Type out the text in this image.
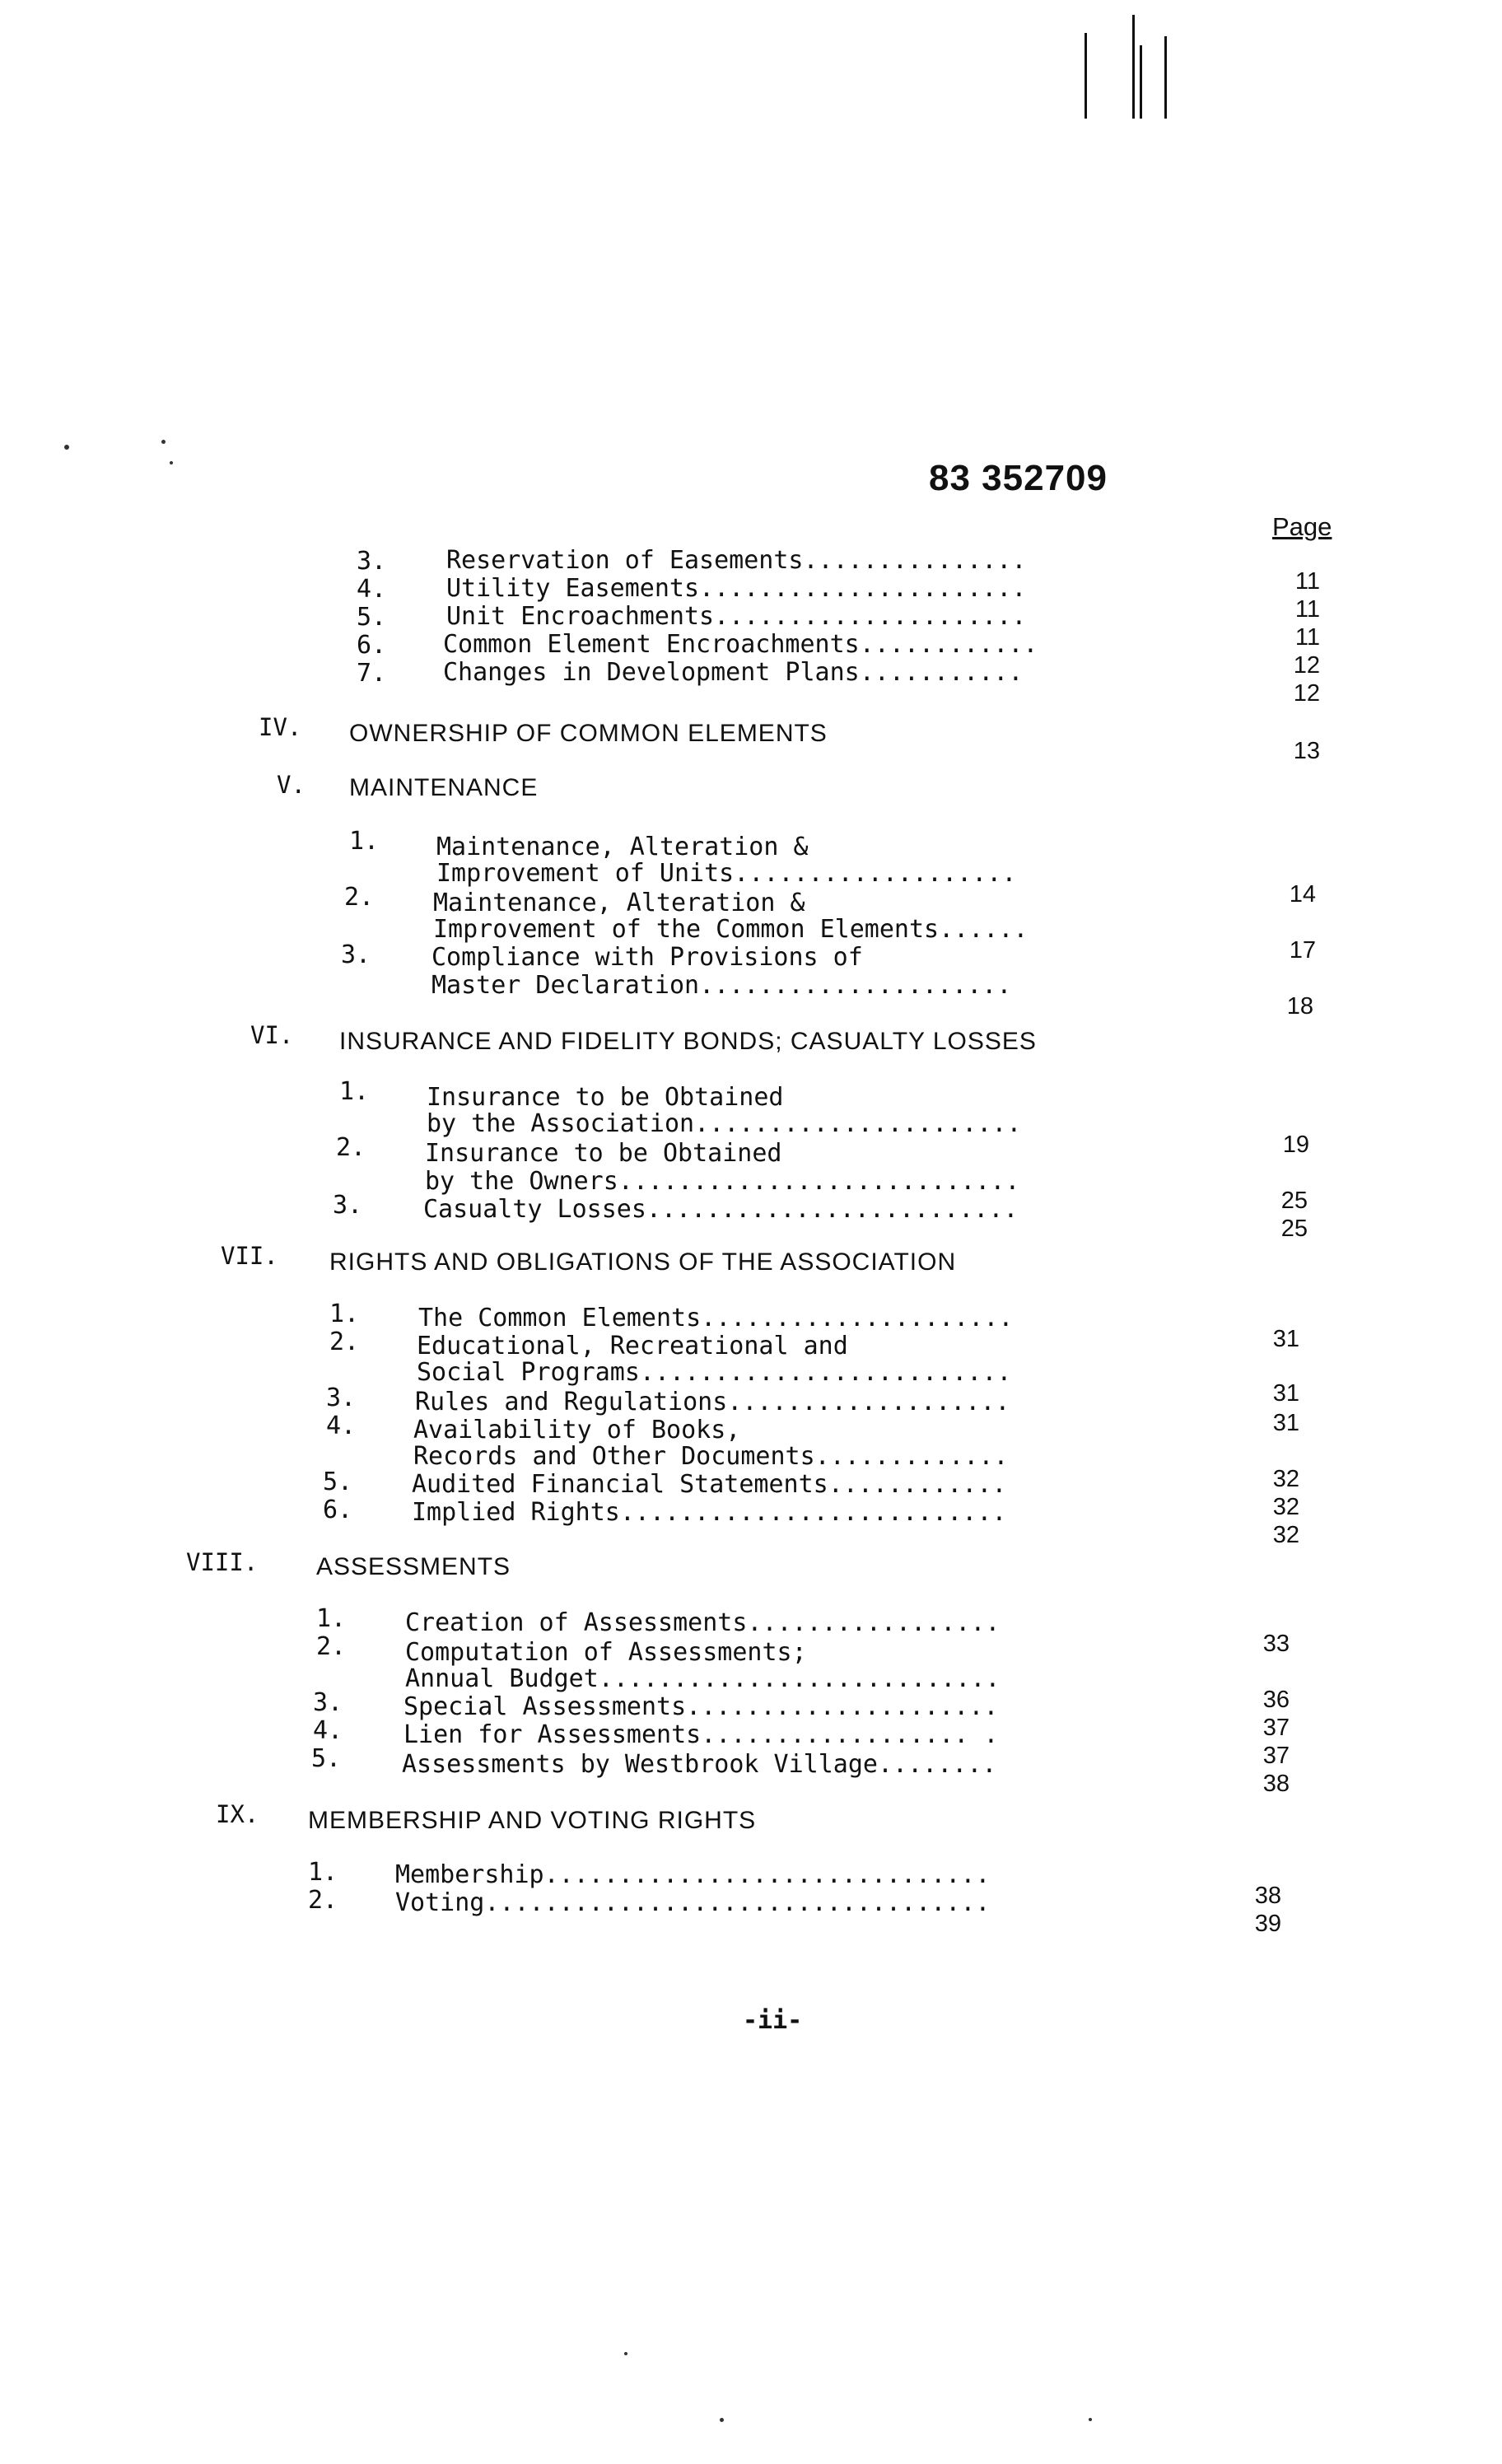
83 352709
Page
3. Reservation of Easements...............
11
4. Utility Easements......................
11
5. Unit Encroachments.....................
11
6. Common Element Encroachments............
12
7. Changes in Development Plans...........
12
IV. OWNERSHIP OF COMMON ELEMENTS
13
V. MAINTENANCE
1. Maintenance, Alteration &
Improvement of Units...................
14
2. Maintenance, Alteration &
Improvement of the Common Elements......
17
3. Compliance with Provisions of
Master Declaration.....................
18
VI. INSURANCE AND FIDELITY BONDS; CASUALTY LOSSES
1. Insurance to be Obtained
by the Association......................
19
2. Insurance to be Obtained
by the Owners...........................
25
3. Casualty Losses.........................
25
VII. RIGHTS AND OBLIGATIONS OF THE ASSOCIATION
1. The Common Elements.....................
31
2. Educational, Recreational and
Social Programs.........................
31
3. Rules and Regulations...................
31
4. Availability of Books,
Records and Other Documents.............
32
5. Audited Financial Statements............
32
6. Implied Rights..........................
32
VIII. ASSESSMENTS
1. Creation of Assessments.................
33
2. Computation of Assessments;
Annual Budget...........................
36
3. Special Assessments.....................
37
4. Lien for Assessments.................. .
37
5. Assessments by Westbrook Village........
38
IX. MEMBERSHIP AND VOTING RIGHTS
1. Membership..............................
38
2. Voting..................................
39
-ii-
